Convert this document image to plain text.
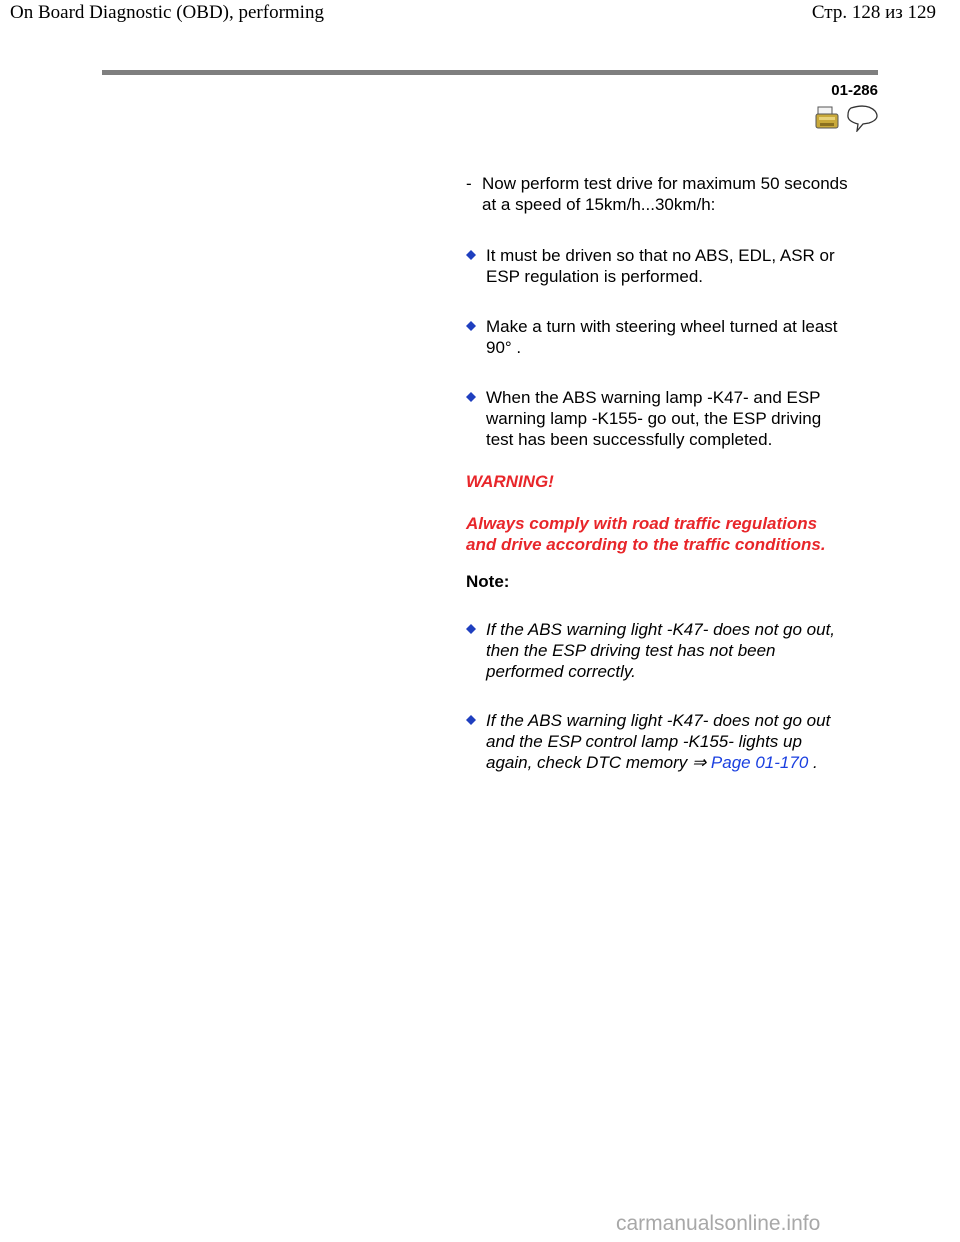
On Board Diagnostic (OBD), performing	Стр. 128 из 129
01-286
- Now perform test drive for maximum 50 seconds
at a speed of 15km/h...30km/h:
It must be driven so that no ABS, EDL, ASR or
ESP regulation is performed.
Make a turn with steering wheel turned at least
90° .
When the ABS warning lamp -K47- and ESP
warning lamp -K155- go out, the ESP driving
test has been successfully completed.
WARNING!
Always comply with road traffic regulations
and drive according to the traffic conditions.
Note:
If the ABS warning light -K47- does not go out,
then the ESP driving test has not been
performed correctly.
If the ABS warning light -K47- does not go out
and the ESP control lamp -K155- lights up
again, check DTC memory ⇒ Page 01-170 .
carmanualsonline.info
